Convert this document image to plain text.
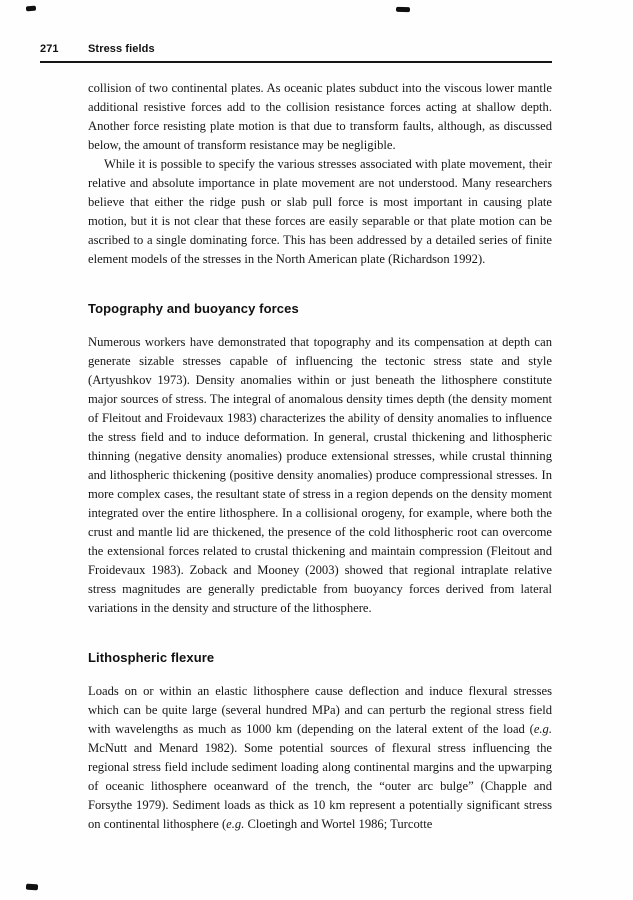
271	Stress fields

collision of two continental plates. As oceanic plates subduct into the viscous lower mantle additional resistive forces add to the collision resistance forces acting at shallow depth. Another force resisting plate motion is that due to transform faults, although, as discussed below, the amount of transform resistance may be negligible.

While it is possible to specify the various stresses associated with plate movement, their relative and absolute importance in plate movement are not understood. Many researchers believe that either the ridge push or slab pull force is most important in causing plate motion, but it is not clear that these forces are easily separable or that plate motion can be ascribed to a single dominating force. This has been addressed by a detailed series of finite element models of the stresses in the North American plate (Richardson 1992).

Topography and buoyancy forces

Numerous workers have demonstrated that topography and its compensation at depth can generate sizable stresses capable of influencing the tectonic stress state and style (Artyushkov 1973). Density anomalies within or just beneath the lithosphere constitute major sources of stress. The integral of anomalous density times depth (the density moment of Fleitout and Froidevaux 1983) characterizes the ability of density anomalies to influence the stress field and to induce deformation. In general, crustal thickening and lithospheric thinning (negative density anomalies) produce extensional stresses, while crustal thinning and lithospheric thickening (positive density anomalies) produce compressional stresses. In more complex cases, the resultant state of stress in a region depends on the density moment integrated over the entire lithosphere. In a collisional orogeny, for example, where both the crust and mantle lid are thickened, the presence of the cold lithospheric root can overcome the extensional forces related to crustal thickening and maintain compression (Fleitout and Froidevaux 1983). Zoback and Mooney (2003) showed that regional intraplate relative stress magnitudes are generally predictable from buoyancy forces derived from lateral variations in the density and structure of the lithosphere.

Lithospheric flexure

Loads on or within an elastic lithosphere cause deflection and induce flexural stresses which can be quite large (several hundred MPa) and can perturb the regional stress field with wavelengths as much as 1000 km (depending on the lateral extent of the load (e.g. McNutt and Menard 1982). Some potential sources of flexural stress influencing the regional stress field include sediment loading along continental margins and the upwarping of oceanic lithosphere oceanward of the trench, the “outer arc bulge” (Chapple and Forsythe 1979). Sediment loads as thick as 10 km represent a potentially significant stress on continental lithosphere (e.g. Cloetingh and Wortel 1986; Turcotte
